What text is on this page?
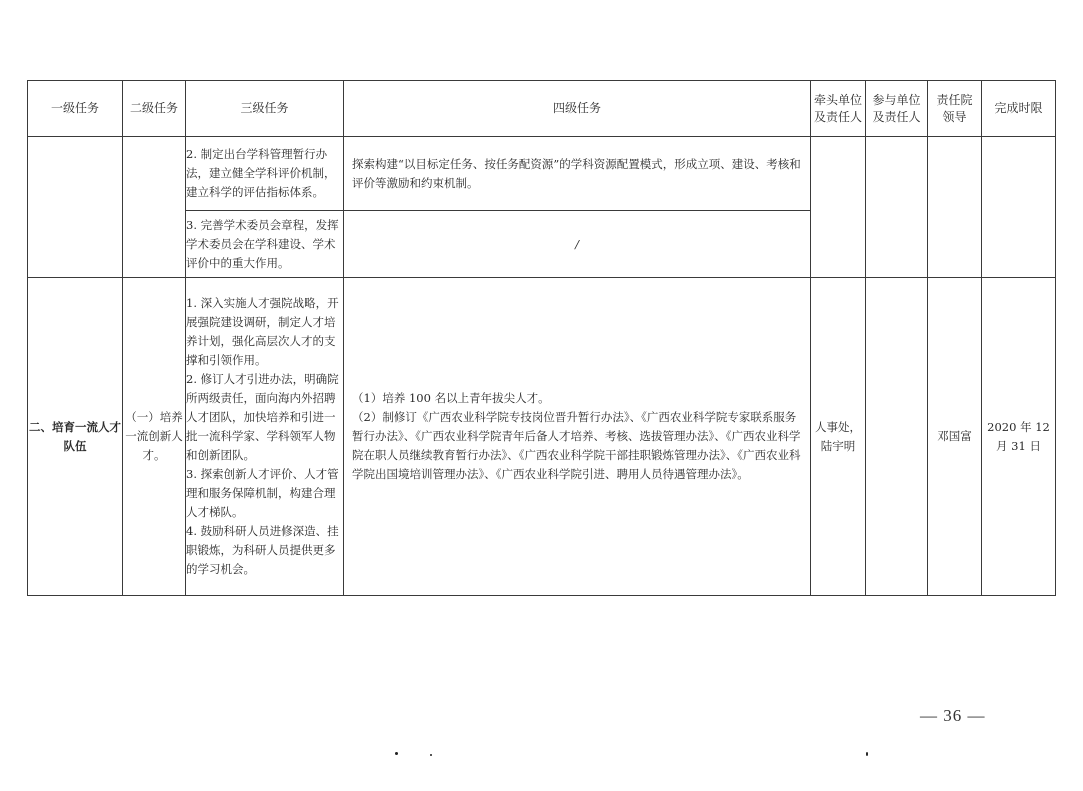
一级任务	二级任务	三级任务	四级任务	牵头单位及责任人	参与单位及责任人	责任院领导	完成时限
		2. 制定出台学科管理暂行办法，建立健全学科评价机制，建立科学的评估指标体系。	探索构建“以目标定任务、按任务配资源”的学科资源配置模式，形成立项、建设、考核和评价等激励和约束机制。				
		3. 完善学术委员会章程，发挥学术委员会在学科建设、学术评价中的重大作用。	/				
二、培育一流人才队伍	（一）培养一流创新人才。	1. 深入实施人才强院战略，开展强院建设调研，制定人才培养计划，强化高层次人才的支撑和引领作用。
2. 修订人才引进办法，明确院所两级责任，面向海内外招聘人才团队，加快培养和引进一批一流科学家、学科领军人物和创新团队。
3. 探索创新人才评价、人才管理和服务保障机制，构建合理人才梯队。
4. 鼓励科研人员进修深造、挂职锻炼，为科研人员提供更多的学习机会。	（1）培养 100 名以上青年拔尖人才。
（2）制修订《广西农业科学院专技岗位晋升暂行办法》、《广西农业科学院专家联系服务暂行办法》、《广西农业科学院青年后备人才培养、考核、选拔管理办法》、《广西农业科学院在职人员继续教育暂行办法》、《广西农业科学院干部挂职锻炼管理办法》、《广西农业科学院出国境培训管理办法》、《广西农业科学院引进、聘用人员待遇管理办法》。	人事处，陆宇明		邓国富	2020 年 12 月 31 日
— 36 —
